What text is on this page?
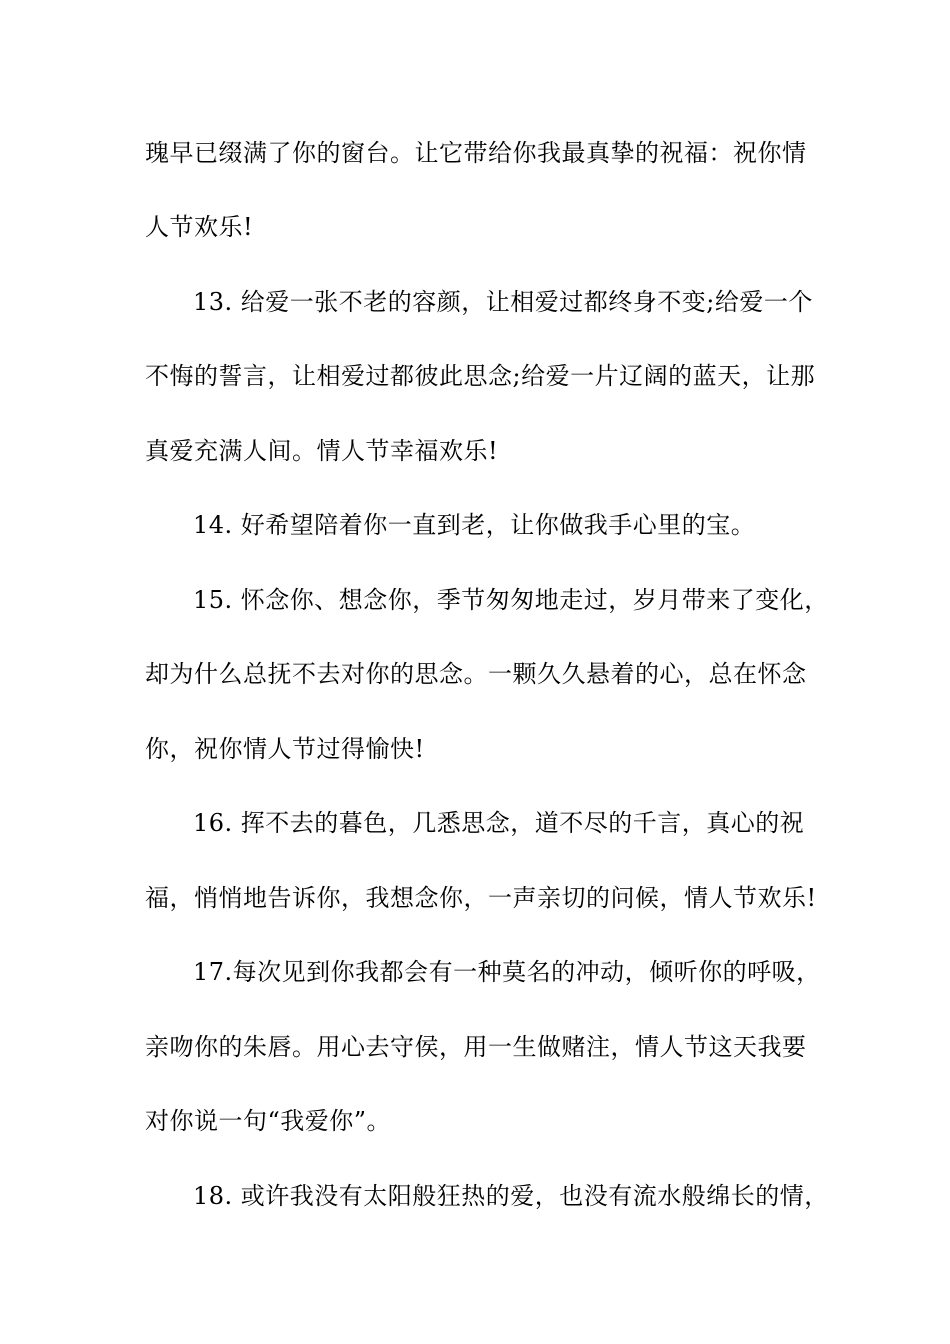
瑰早已缀满了你的窗台。让它带给你我最真挚的祝福：祝你情
人节欢乐!
13. 给爱一张不老的容颜，让相爱过都终身不变;给爱一个
不悔的誓言，让相爱过都彼此思念;给爱一片辽阔的蓝天，让那
真爱充满人间。情人节幸福欢乐!
14. 好希望陪着你一直到老，让你做我手心里的宝。
15. 怀念你、想念你，季节匆匆地走过，岁月带来了变化，
却为什么总抚不去对你的思念。一颗久久悬着的心，总在怀念
你，祝你情人节过得愉快!
16. 挥不去的暮色，几悉思念，道不尽的千言，真心的祝
福，悄悄地告诉你，我想念你，一声亲切的问候，情人节欢乐!
17.每次见到你我都会有一种莫名的冲动，倾听你的呼吸，
亲吻你的朱唇。用心去守侯，用一生做赌注，情人节这天我要
对你说一句“我爱你”。
18. 或许我没有太阳般狂热的爱，也没有流水般绵长的情，
